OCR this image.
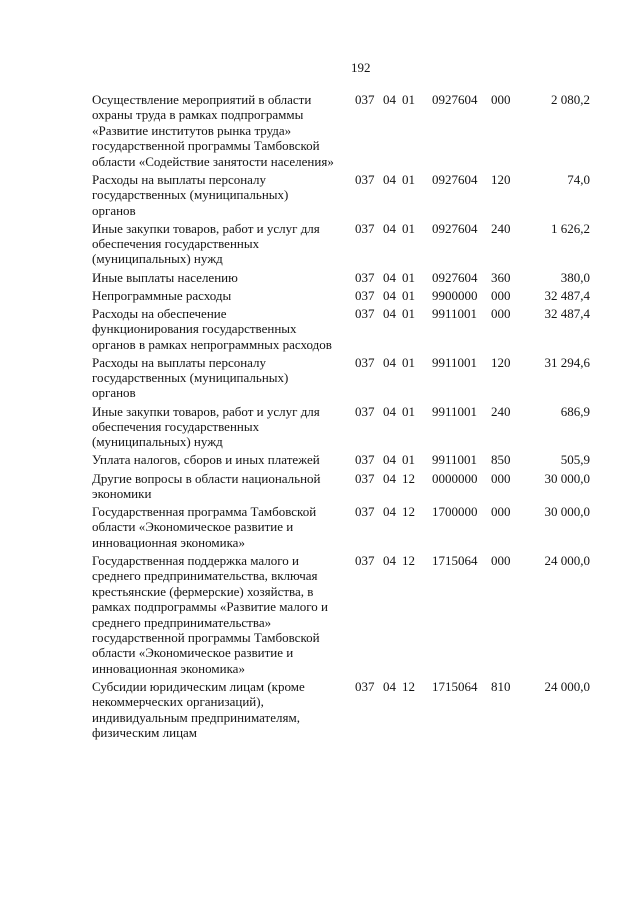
192
Осуществление мероприятий в области
охраны труда в рамках подпрограммы
«Развитие институтов рынка труда»
государственной программы Тамбовской
области «Содействие занятости населения»
037 04 01 0927604 000	2 080,2
Расходы на выплаты персоналу
государственных (муниципальных)
органов
037 04 01 0927604 120	74,0
Иные закупки товаров, работ и услуг для
обеспечения государственных
(муниципальных) нужд
037 04 01 0927604 240	1 626,2
Иные выплаты населению	037 04 01 0927604 360	380,0
Непрограммные расходы	037 04 01 9900000 000	32 487,4
Расходы на обеспечение
функционирования государственных
органов в рамках непрограммных расходов
037 04 01 9911001 000	32 487,4
Расходы на выплаты персоналу
государственных (муниципальных)
органов
037 04 01 9911001 120	31 294,6
Иные закупки товаров, работ и услуг для
обеспечения государственных
(муниципальных) нужд
037 04 01 9911001 240	686,9
Уплата налогов, сборов и иных платежей	037 04 01 9911001 850	505,9
Другие вопросы в области национальной
экономики
037 04 12 0000000 000	30 000,0
Государственная программа Тамбовской
области «Экономическое развитие и
инновационная экономика»
037 04 12 1700000 000	30 000,0
Государственная поддержка малого и
среднего предпринимательства, включая
крестьянские (фермерские) хозяйства, в
рамках подпрограммы «Развитие малого и
среднего предпринимательства»
государственной программы Тамбовской
области «Экономическое развитие и
инновационная экономика»
037 04 12 1715064 000	24 000,0
Субсидии юридическим лицам (кроме
некоммерческих организаций),
индивидуальным предпринимателям,
физическим лицам
037 04 12 1715064 810	24 000,0
